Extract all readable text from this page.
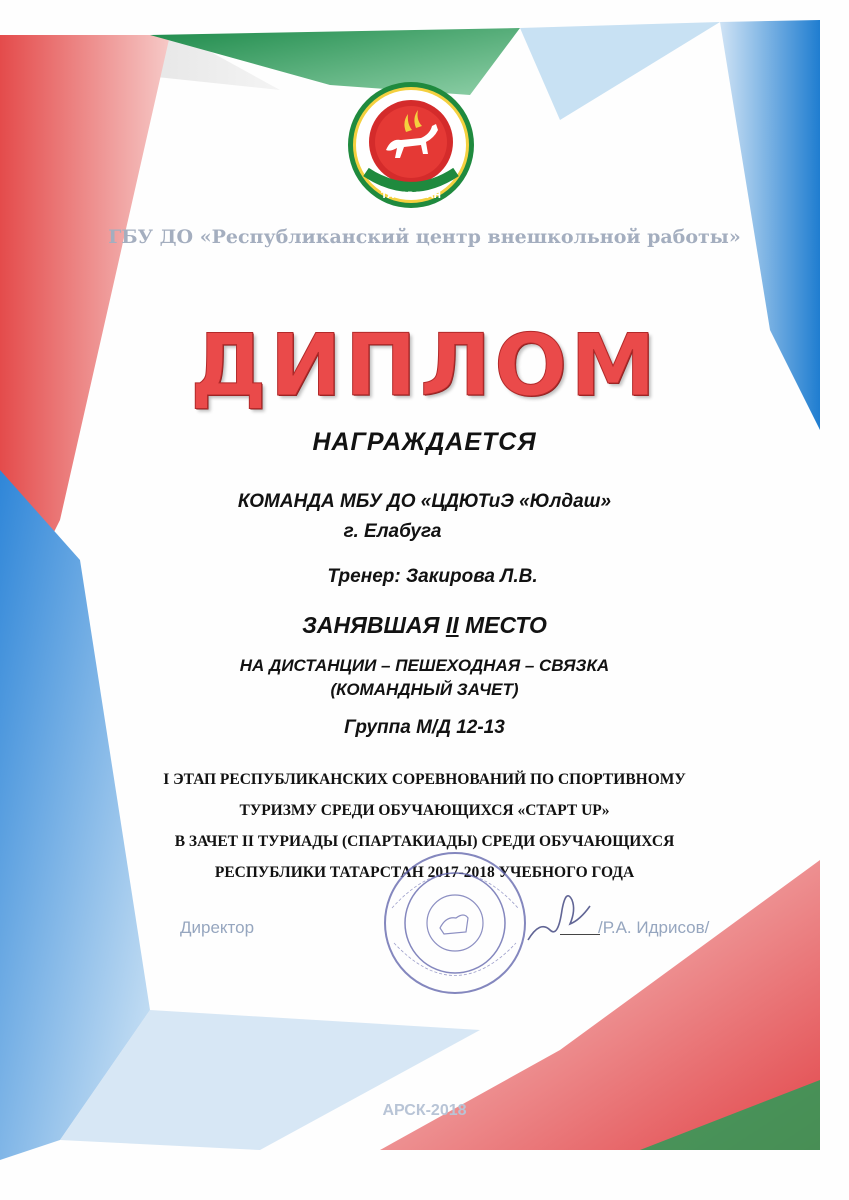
ТАТАРСТАН

ГБУ ДО «Республиканский центр внешкольной работы»

ДИПЛОМ

НАГРАЖДАЕТСЯ

КОМАНДА МБУ ДО «ЦДЮТиЭ «Юлдаш»

г. Елабуга

Тренер: Закирова Л.В.

ЗАНЯВШАЯ II МЕСТО

НА ДИСТАНЦИИ – ПЕШЕХОДНАЯ – СВЯЗКА

(КОМАНДНЫЙ ЗАЧЕТ)

Группа М/Д 12-13

I ЭТАП РЕСПУБЛИКАНСКИХ СОРЕВНОВАНИЙ ПО СПОРТИВНОМУ

ТУРИЗМУ СРЕДИ ОБУЧАЮЩИХСЯ «СТАРТ UP»

В ЗАЧЕТ II ТУРИАДЫ (СПАРТАКИАДЫ) СРЕДИ ОБУЧАЮЩИХСЯ

РЕСПУБЛИКИ ТАТАРСТАН 2017-2018 УЧЕБНОГО ГОДА

Директор	/Р.А. Идрисов/

АРСК-2018
